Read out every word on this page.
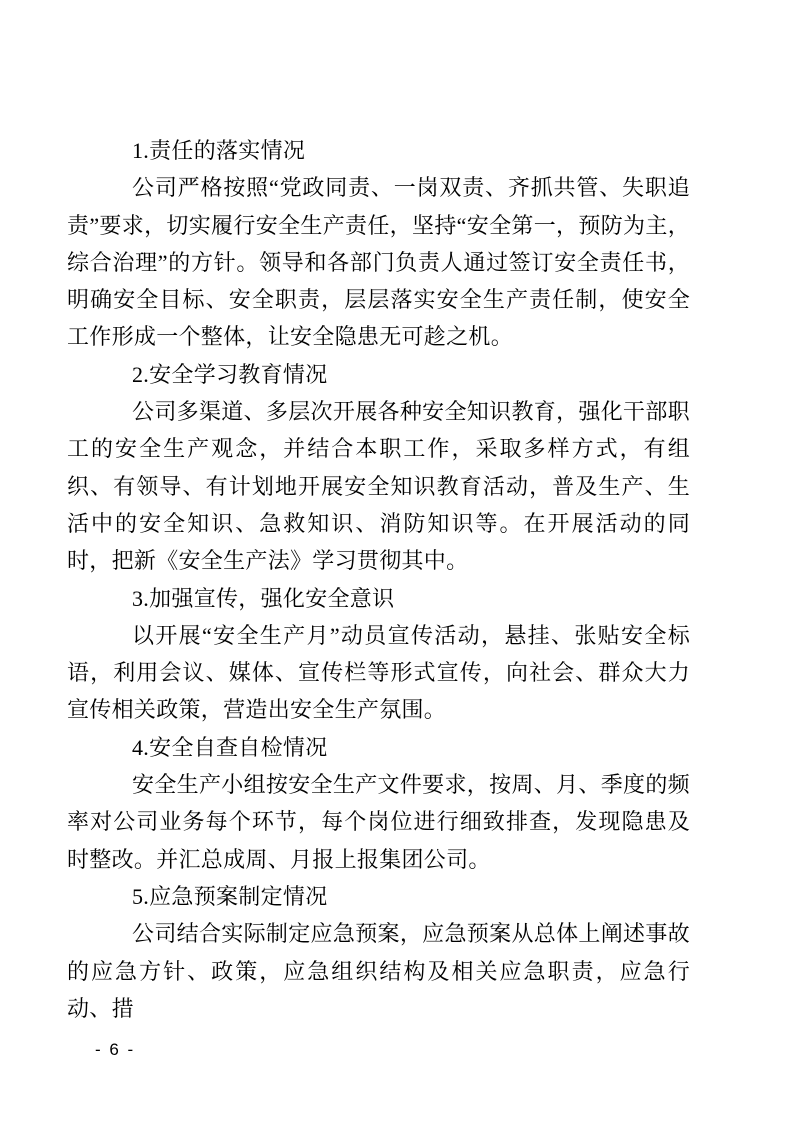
1.责任的落实情况

公司严格按照“党政同责、一岗双责、齐抓共管、失职追责”要求，切实履行安全生产责任，坚持“安全第一，预防为主，综合治理”的方针。领导和各部门负责人通过签订安全责任书，明确安全目标、安全职责，层层落实安全生产责任制，使安全工作形成一个整体，让安全隐患无可趁之机。

2.安全学习教育情况

公司多渠道、多层次开展各种安全知识教育，强化干部职工的安全生产观念，并结合本职工作，采取多样方式，有组织、有领导、有计划地开展安全知识教育活动，普及生产、生活中的安全知识、急救知识、消防知识等。在开展活动的同时，把新《安全生产法》学习贯彻其中。

3.加强宣传，强化安全意识

以开展“安全生产月”动员宣传活动，悬挂、张贴安全标语，利用会议、媒体、宣传栏等形式宣传，向社会、群众大力宣传相关政策，营造出安全生产氛围。

4.安全自查自检情况

安全生产小组按安全生产文件要求，按周、月、季度的频率对公司业务每个环节，每个岗位进行细致排查，发现隐患及时整改。并汇总成周、月报上报集团公司。

5.应急预案制定情况

公司结合实际制定应急预案，应急预案从总体上阐述事故的应急方针、政策，应急组织结构及相关应急职责，应急行动、措

- 6 -
